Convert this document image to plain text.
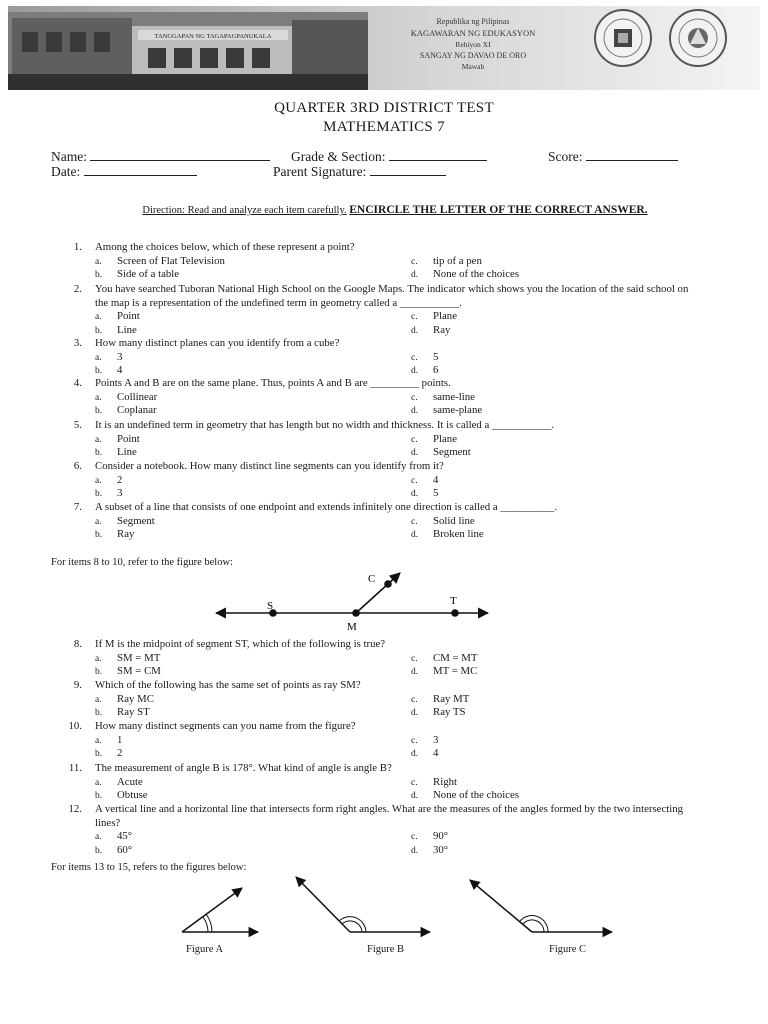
TANGGAPAN NG TAGAPAGPANUKALA
Republika ng Pilipinas
KAGAWARAN NG EDUKASYON
Rehiyon XI
SANGAY NG DAVAO DE ORO
Mawab
QUARTER 3RD DISTRICT TEST
MATHEMATICS 7
Name:	Grade & Section:	Score:
Date:	Parent Signature:
Direction: Read and analyze each item carefully. ENCIRCLE THE LETTER OF THE CORRECT ANSWER.
1. Among the choices below, which of these represent a point?
a. Screen of Flat Television	c. tip of a pen
b. Side of a table	d. None of the choices
2. You have searched Tuboran National High School on the Google Maps. The indicator which shows you the location of the said school on the map is a representation of the undefined term in geometry called a ___________.
a. Point	c. Plane
b. Line	d. Ray
3. How many distinct planes can you identify from a cube?
a. 3	c. 5
b. 4	d. 6
4. Points A and B are on the same plane. Thus, points A and B are _________ points.
a. Collinear	c. same-line
b. Coplanar	d. same-plane
5. It is an undefined term in geometry that has length but no width and thickness. It is called a ___________.
a. Point	c. Plane
b. Line	d. Segment
6. Consider a notebook. How many distinct line segments can you identify from it?
a. 2	c. 4
b. 3	d. 5
7. A subset of a line that consists of one endpoint and extends infinitely one direction is called a __________.
a. Segment	c. Solid line
b. Ray	d. Broken line
8. If M is the midpoint of segment ST, which of the following is true?
a. SM = MT	c. CM = MT
b. SM = CM	d. MT = MC
9. Which of the following has the same set of points as ray SM?
a. Ray MC	c. Ray MT
b. Ray ST	d. Ray TS
10. How many distinct segments can you name from the figure?
a. 1	c. 3
b. 2	d. 4
11. The measurement of angle B is 178°. What kind of angle is angle B?
a. Acute	c. Right
b. Obtuse	d. None of the choices
12. A vertical line and a horizontal line that intersects form right angles. What are the measures of the angles formed by the two intersecting lines?
a. 45°	c. 90°
b. 60°	d. 30°
For items 8 to 10, refer to the figure below:
C
S	T
M
For items 13 to 15, refers to the figures below:
Figure A	Figure B	Figure C
